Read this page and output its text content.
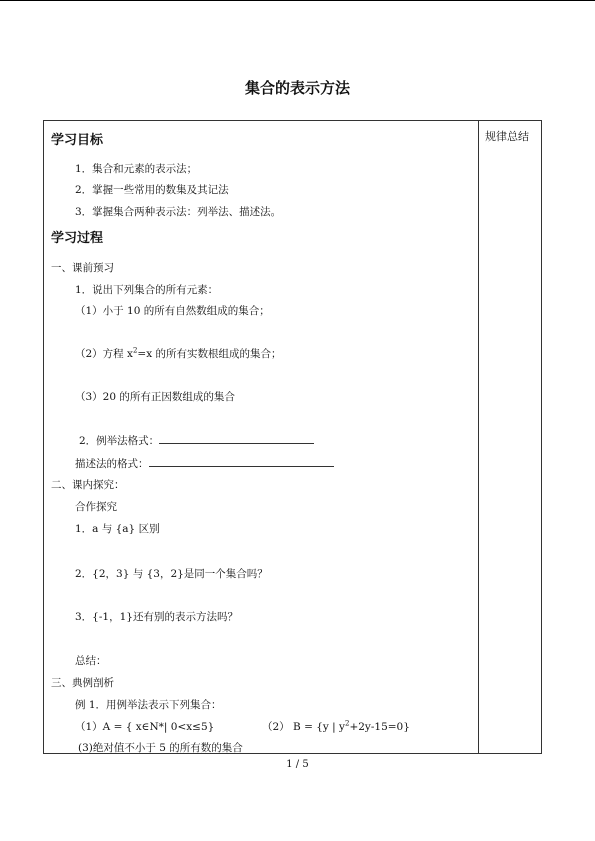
集合的表示方法
规律总结
学习目标
1．集合和元素的表示法；
2．掌握一些常用的数集及其记法
3．掌握集合两种表示法：列举法、描述法。
学习过程
一、课前预习
1．说出下列集合的所有元素：
（1）小于 10 的所有自然数组成的集合；
（2）方程 $x^2=x$ 的所有实数根组成的集合；
（3）20 的所有正因数组成的集合
2．例举法格式：
描述法的格式：
二、课内探究：
合作探究
1．a 与 {a} 区别
2．{2，3} 与 {3，2}是同一个集合吗？
3．{-1，1}还有别的表示方法吗？
总结：
三、典例剖析
例 1．用例举法表示下列集合：
（1）A = { x∈N*| 0<x≤5}	（2） B = {y | $y^2+2y-15=0$}
(3)绝对值不小于 5 的所有数的集合
1 / 5
